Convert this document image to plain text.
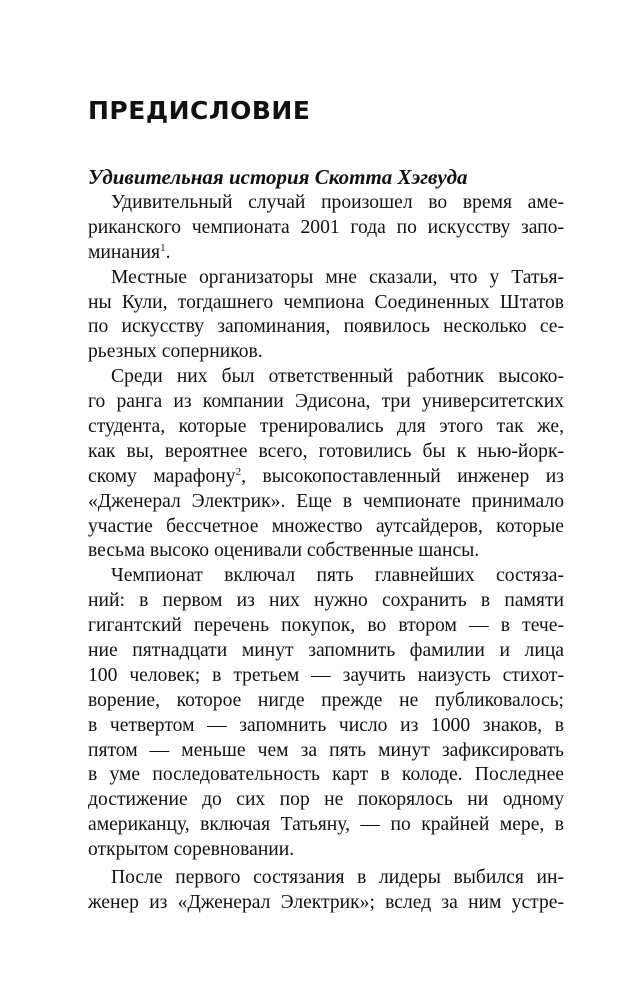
ПРЕДИСЛОВИЕ
Удивительная история Скотта Хэгвуда
Удивительный случай произошел во время аме-
риканского чемпионата 2001 года по искусству запо-
минания$^1$.
Местные организаторы мне сказали, что у Татья-
ны Кули, тогдашнего чемпиона Соединенных Штатов
по искусству запоминания, появилось несколько се-
рьезных соперников.
Среди них был ответственный работник высоко-
го ранга из компании Эдисона, три университетских
студента, которые тренировались для этого так же,
как вы, вероятнее всего, готовились бы к нью-йорк-
скому марафону$^2$, высокопоставленный инженер из
«Дженерал Электрик». Еще в чемпионате принимало
участие бессчетное множество аутсайдеров, которые
весьма высоко оценивали собственные шансы.
Чемпионат включал пять главнейших состяза-
ний: в первом из них нужно сохранить в памяти
гигантский перечень покупок, во втором — в тече-
ние пятнадцати минут запомнить фамилии и лица
100 человек; в третьем — заучить наизусть стихот-
ворение, которое нигде прежде не публиковалось;
в четвертом — запомнить число из 1000 знаков, в
пятом — меньше чем за пять минут зафиксировать
в уме последовательность карт в колоде. Последнее
достижение до сих пор не покорялось ни одному
американцу, включая Татьяну, — по крайней мере, в
открытом соревновании.
После первого состязания в лидеры выбился ин-
женер из «Дженерал Электрик»; вслед за ним устре-
